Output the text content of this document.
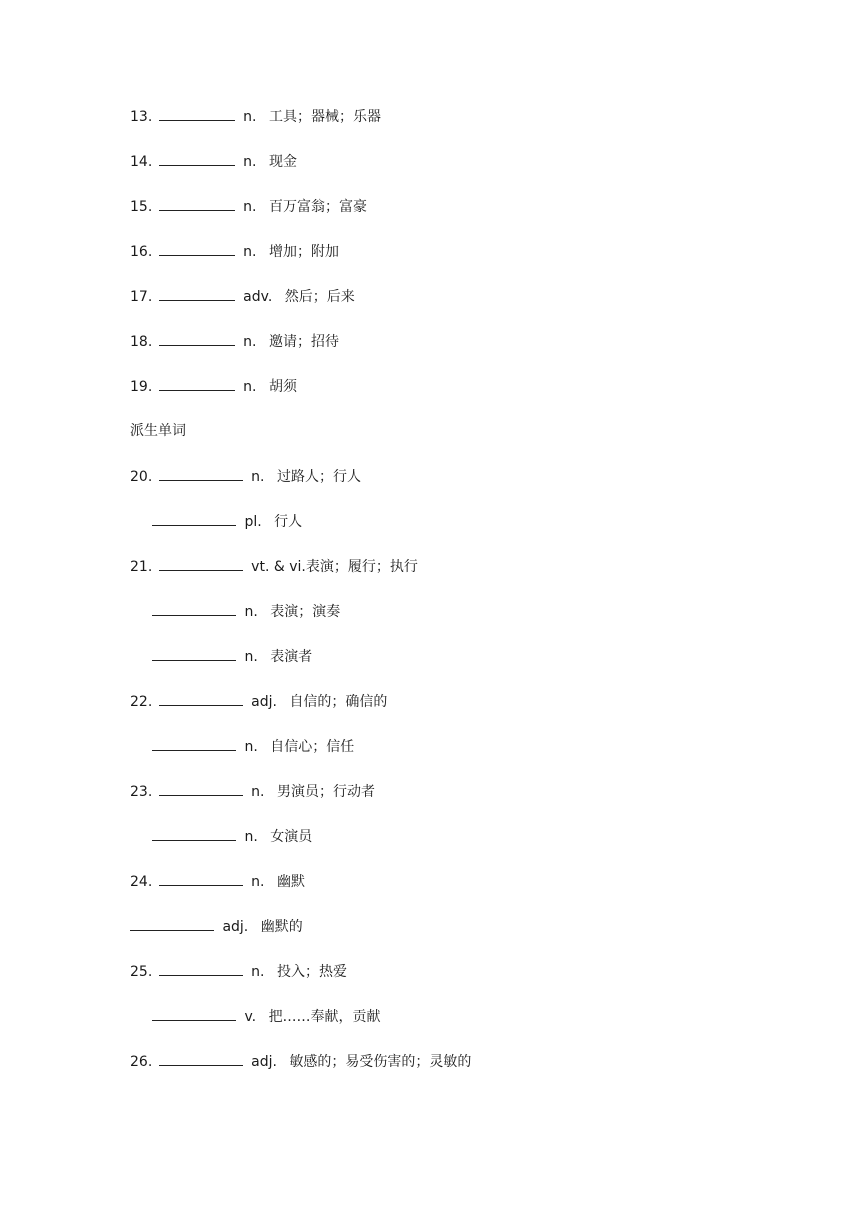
13.	n. 工具；器械；乐器
14.	n. 现金
15.	n. 百万富翁；富豪
16.	n. 增加；附加
17.	adv. 然后；后来
18.	n. 邀请；招待
19.	n. 胡须
派生单词
20.	n. 过路人；行人
pl. 行人
21.	vt. & vi.表演；履行；执行
n. 表演；演奏
n. 表演者
22.	adj. 自信的；确信的
n. 自信心；信任
23.	n. 男演员；行动者
n. 女演员
24.	n. 幽默
adj. 幽默的
25.	n. 投入；热爱
v. 把……奉献，贡献
26.	adj. 敏感的；易受伤害的；灵敏的
